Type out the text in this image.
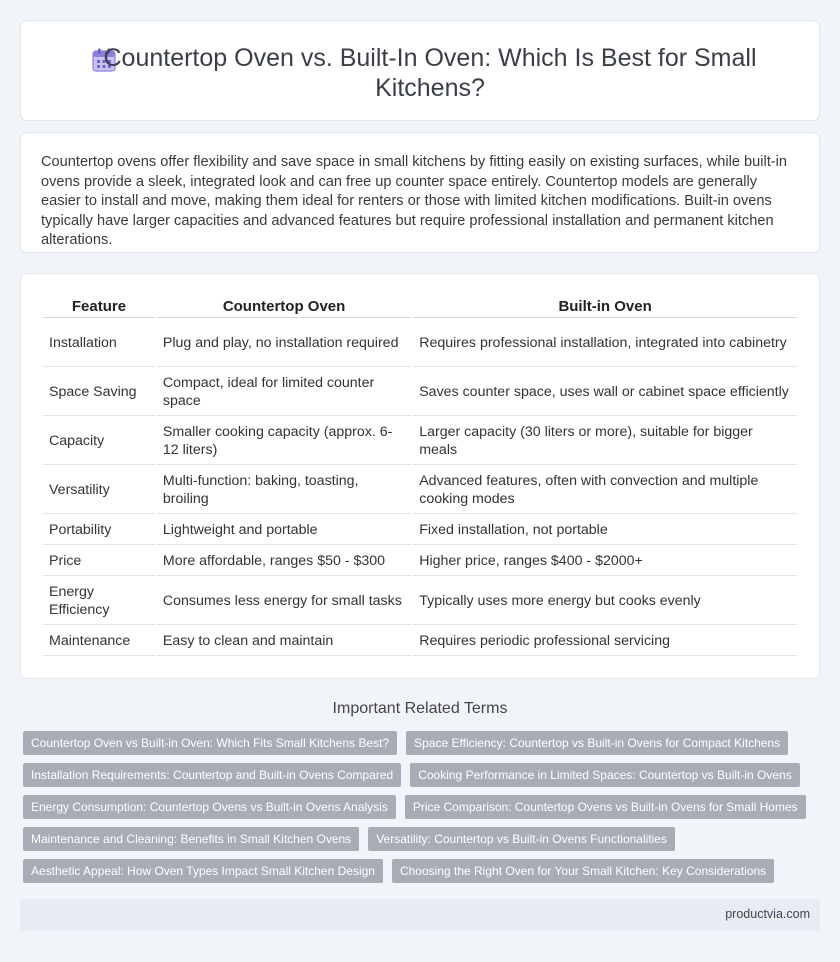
Countertop Oven vs. Built-In Oven: Which Is Best for Small Kitchens?

Countertop ovens offer flexibility and save space in small kitchens by fitting easily on existing surfaces, while built-in ovens provide a sleek, integrated look and can free up counter space entirely. Countertop models are generally easier to install and move, making them ideal for renters or those with limited kitchen modifications. Built-in ovens typically have larger capacities and advanced features but require professional installation and permanent kitchen alterations.

Feature	Countertop Oven	Built-in Oven
Installation	Plug and play, no installation required	Requires professional installation, integrated into cabinetry
Space Saving	Compact, ideal for limited counter space	Saves counter space, uses wall or cabinet space efficiently
Capacity	Smaller cooking capacity (approx. 6-12 liters)	Larger capacity (30 liters or more), suitable for bigger meals
Versatility	Multi-function: baking, toasting, broiling	Advanced features, often with convection and multiple cooking modes
Portability	Lightweight and portable	Fixed installation, not portable
Price	More affordable, ranges $50 - $300	Higher price, ranges $400 - $2000+
Energy Efficiency	Consumes less energy for small tasks	Typically uses more energy but cooks evenly
Maintenance	Easy to clean and maintain	Requires periodic professional servicing
Important Related Terms
Countertop Oven vs Built-in Oven: Which Fits Small Kitchens Best?	Space Efficiency: Countertop vs Built-in Ovens for Compact Kitchens
Installation Requirements: Countertop and Built-in Ovens Compared	Cooking Performance in Limited Spaces: Countertop vs Built-in Ovens
Energy Consumption: Countertop Ovens vs Built-in Ovens Analysis	Price Comparison: Countertop Ovens vs Built-in Ovens for Small Homes
Maintenance and Cleaning: Benefits in Small Kitchen Ovens	Versatility: Countertop vs Built-in Ovens Functionalities
Aesthetic Appeal: How Oven Types Impact Small Kitchen Design	Choosing the Right Oven for Your Small Kitchen: Key Considerations
productvia.com
